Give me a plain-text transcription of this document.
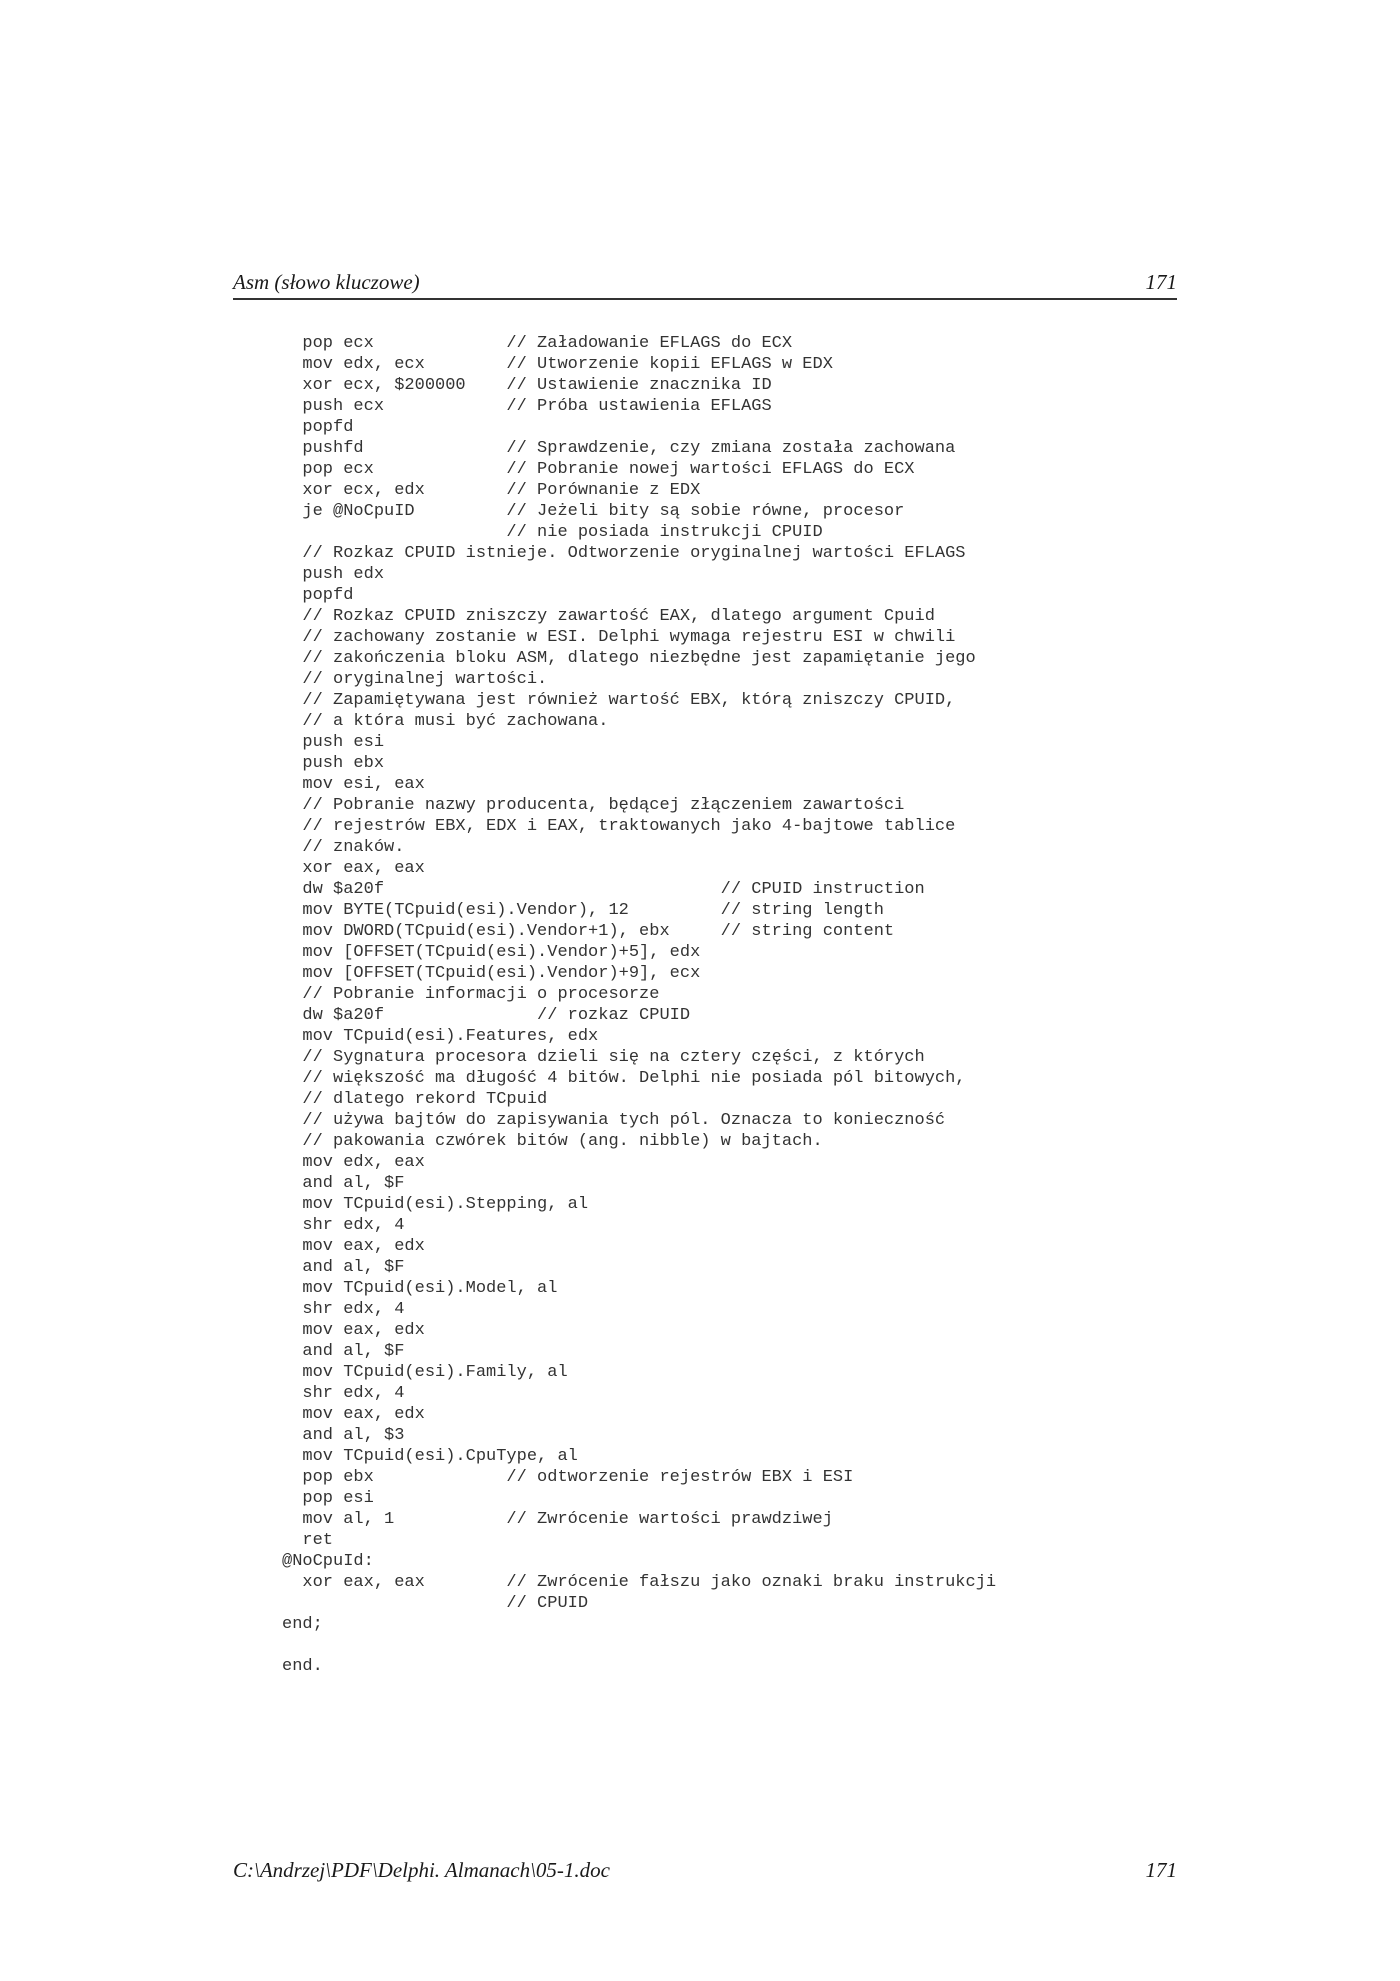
Asm (słowo kluczowe)	171
pop ecx             // Załadowanie EFLAGS do ECX
mov edx, ecx        // Utworzenie kopii EFLAGS w EDX
xor ecx, $200000    // Ustawienie znacznika ID
push ecx            // Próba ustawienia EFLAGS
popfd
pushfd              // Sprawdzenie, czy zmiana została zachowana
pop ecx             // Pobranie nowej wartości EFLAGS do ECX
xor ecx, edx        // Porównanie z EDX
je @NoCpuID         // Jeżeli bity są sobie równe, procesor
// nie posiada instrukcji CPUID
// Rozkaz CPUID istnieje. Odtworzenie oryginalnej wartości EFLAGS
push edx
popfd
// Rozkaz CPUID zniszczy zawartość EAX, dlatego argument Cpuid
// zachowany zostanie w ESI. Delphi wymaga rejestru ESI w chwili
// zakończenia bloku ASM, dlatego niezbędne jest zapamiętanie jego
// oryginalnej wartości.
// Zapamiętywana jest również wartość EBX, którą zniszczy CPUID,
// a która musi być zachowana.
push esi
push ebx
mov esi, eax
// Pobranie nazwy producenta, będącej złączeniem zawartości
// rejestrów EBX, EDX i EAX, traktowanych jako 4-bajtowe tablice
// znaków.
xor eax, eax
dw $a20f                                 // CPUID instruction
mov BYTE(TCpuid(esi).Vendor), 12         // string length
mov DWORD(TCpuid(esi).Vendor+1), ebx     // string content
mov [OFFSET(TCpuid(esi).Vendor)+5], edx
mov [OFFSET(TCpuid(esi).Vendor)+9], ecx
// Pobranie informacji o procesorze
dw $a20f               // rozkaz CPUID
mov TCpuid(esi).Features, edx
// Sygnatura procesora dzieli się na cztery części, z których
// większość ma długość 4 bitów. Delphi nie posiada pól bitowych,
// dlatego rekord TCpuid
// używa bajtów do zapisywania tych pól. Oznacza to konieczność
// pakowania czwórek bitów (ang. nibble) w bajtach.
mov edx, eax
and al, $F
mov TCpuid(esi).Stepping, al
shr edx, 4
mov eax, edx
and al, $F
mov TCpuid(esi).Model, al
shr edx, 4
mov eax, edx
and al, $F
mov TCpuid(esi).Family, al
shr edx, 4
mov eax, edx
and al, $3
mov TCpuid(esi).CpuType, al
pop ebx             // odtworzenie rejestrów EBX i ESI
pop esi
mov al, 1           // Zwrócenie wartości prawdziwej
ret
@NoCpuId:
xor eax, eax        // Zwrócenie fałszu jako oznaki braku instrukcji
// CPUID
end;
end.
C:\Andrzej\PDF\Delphi. Almanach\05-1.doc	171
